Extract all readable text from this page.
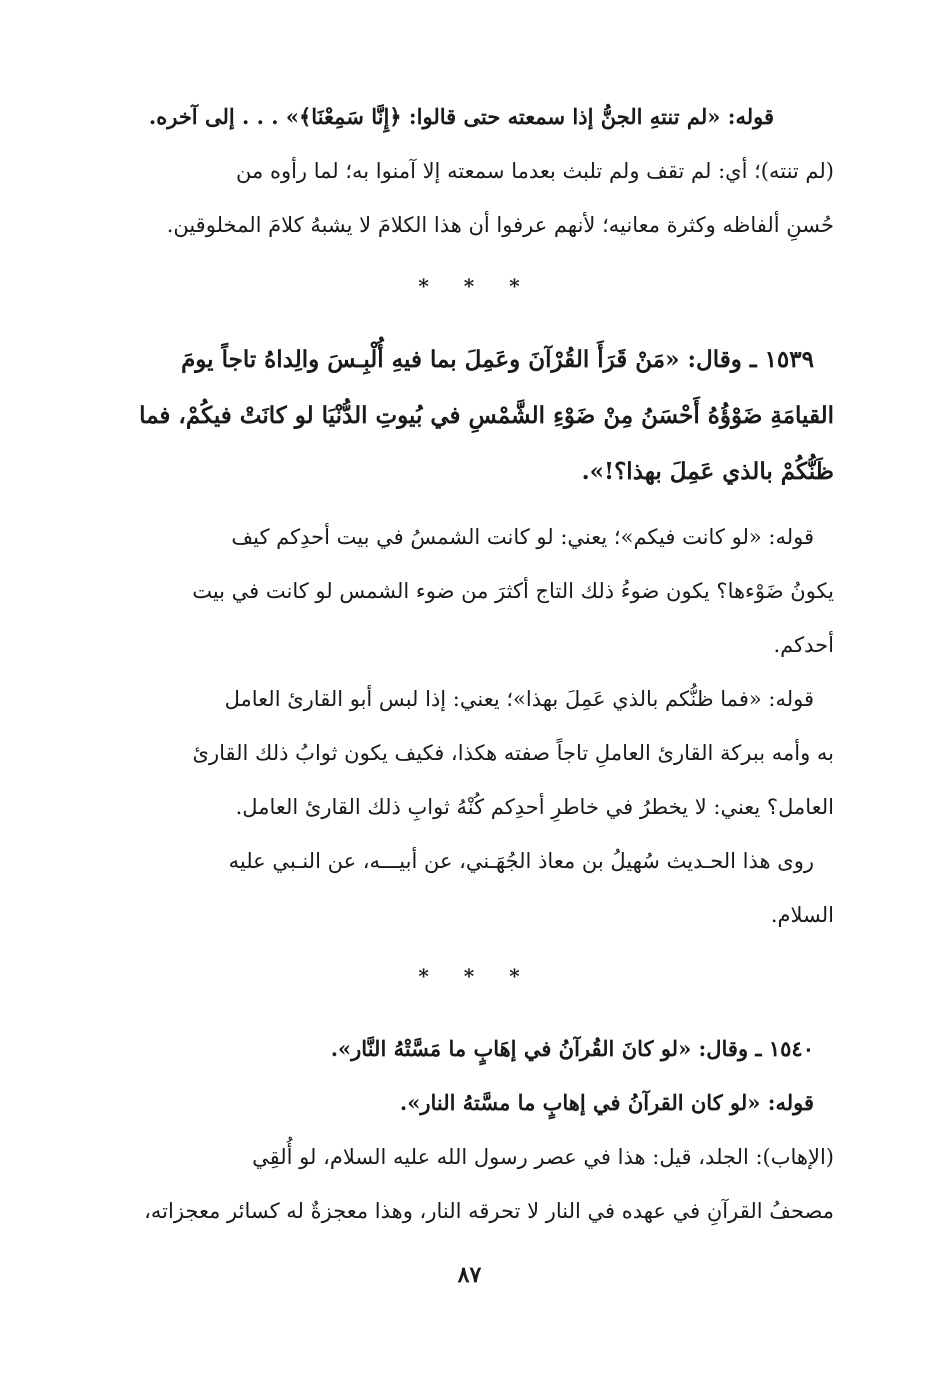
قوله: «لم تنتهِ الجنُّ إذا سمعته حتى قالوا: ﴿إِنَّا سَمِعْنَا﴾» . . . إلى آخره.
(لم تنته)؛ أي: لم تقف ولم تلبث بعدما سمعته إلا آمنوا به؛ لما رأوه من
حُسنِ ألفاظه وكثرة معانيه؛ لأنهم عرفوا أن هذا الكلامَ لا يشبهُ كلامَ المخلوقين.
* * *
١٥٣٩ ـ وقال: «مَنْ قَرَأَ القُرْآنَ وعَمِلَ بما فيهِ أُلْبِـسَ والِداهُ تاجاً يومَ
القيامَةِ ضَوْؤُهُ أَحْسَنُ مِنْ ضَوْءِ الشَّمْسِ في بُيوتِ الدُّنْيَا لو كانَتْ فيكُمْ، فما
ظَنُّكُمْ بالذي عَمِلَ بهذا؟!».
قوله: «لو كانت فيكم»؛ يعني: لو كانت الشمسُ في بيت أحدِكم كيف
يكونُ ضَوْءها؟ يكون ضوءُ ذلك التاج أكثرَ من ضوء الشمس لو كانت في بيت
أحدكم.
قوله: «فما ظنُّكم بالذي عَمِلَ بهذا»؛ يعني: إذا لبس أبو القارئ العامل
به وأمه ببركة القارئ العاملِ تاجاً صفته هكذا، فكيف يكون ثوابُ ذلك القارئ
العامل؟ يعني: لا يخطرُ في خاطرِ أحدِكم كُنْهُ ثوابِ ذلك القارئ العامل.
روى هذا الحـديث سُهيلُ بن معاذ الجُهَـني، عن أبيـــه، عن النـبي عليه
السلام.
* * *
١٥٤٠ ـ وقال: «لو كانَ القُرآنُ في إهَابٍ ما مَسَّتْهُ النَّار».
قوله: «لو كان القرآنُ في إهابٍ ما مسَّتهُ النار».
(الإهاب): الجلد، قيل: هذا في عصر رسول الله عليه السلام، لو أُلقِي
مصحفُ القرآنِ في عهده في النار لا تحرقه النار، وهذا معجزةٌ له كسائر معجزاته،
٨٧
